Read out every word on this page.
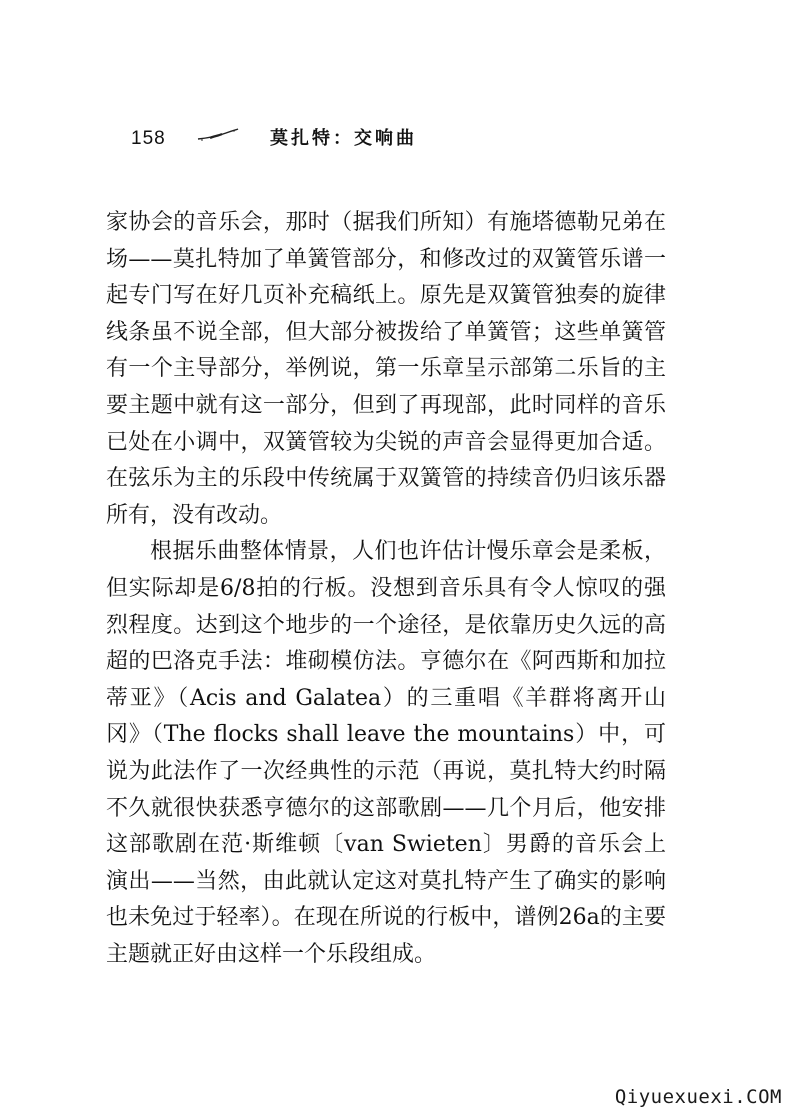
158	莫扎特：交响曲

家协会的音乐会，那时（据我们所知）有施塔德勒兄弟在场——莫扎特加了单簧管部分，和修改过的双簧管乐谱一起专门写在好几页补充稿纸上。原先是双簧管独奏的旋律线条虽不说全部，但大部分被拨给了单簧管；这些单簧管有一个主导部分，举例说，第一乐章呈示部第二乐旨的主要主题中就有这一部分，但到了再现部，此时同样的音乐已处在小调中，双簧管较为尖锐的声音会显得更加合适。在弦乐为主的乐段中传统属于双簧管的持续音仍归该乐器所有，没有改动。

根据乐曲整体情景，人们也许估计慢乐章会是柔板，但实际却是6/8拍的行板。没想到音乐具有令人惊叹的强烈程度。达到这个地步的一个途径，是依靠历史久远的高超的巴洛克手法：堆砌模仿法。亨德尔在《阿西斯和加拉蒂亚》（Acis and Galatea）的三重唱《羊群将离开山冈》（The flocks shall leave the mountains）中，可说为此法作了一次经典性的示范（再说，莫扎特大约时隔不久就很快获悉亨德尔的这部歌剧——几个月后，他安排这部歌剧在范·斯维顿〔van Swieten〕男爵的音乐会上演出——当然，由此就认定这对莫扎特产生了确实的影响也未免过于轻率）。在现在所说的行板中，谱例26a的主要主题就正好由这样一个乐段组成。

Qiyuexuexi.COM
